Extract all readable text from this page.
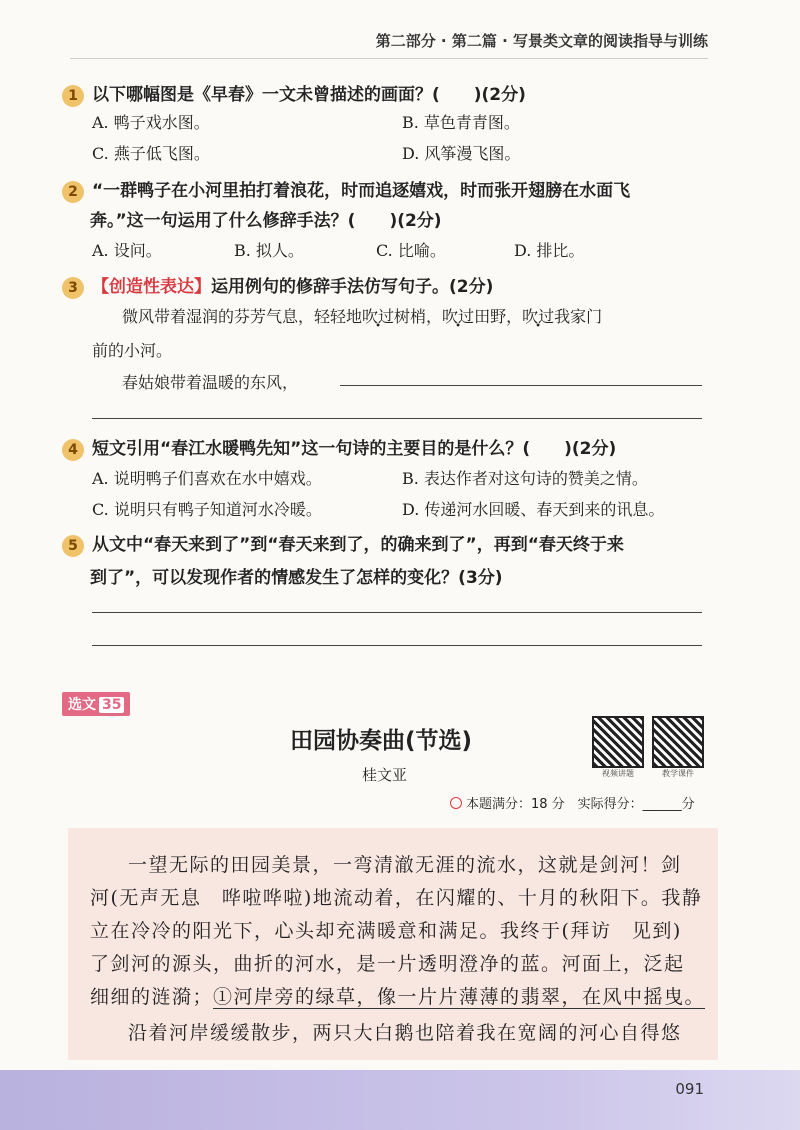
第二部分 · 第二篇 · 写景类文章的阅读指导与训练
1 以下哪幅图是《早春》一文未曾描述的画面？(　　)(2分)
A. 鸭子戏水图。	B. 草色青青图。
C. 燕子低飞图。	D. 风筝漫飞图。
2 “一群鸭子在小河里拍打着浪花，时而追逐嬉戏，时而张开翅膀在水面飞
奔。”这一句运用了什么修辞手法？(　　)(2分)
A. 设问。	B. 拟人。	C. 比喻。	D. 排比。
3 【创造性表达】运用例句的修辞手法仿写句子。(2分)
微风带着湿润的芬芳气息，轻轻地吹过树梢，吹过田野，吹过我家门
前的小河。
春姑娘带着温暖的东风，
4 短文引用“春江水暖鸭先知”这一句诗的主要目的是什么？(　　)(2分)
A. 说明鸭子们喜欢在水中嬉戏。	B. 表达作者对这句诗的赞美之情。
C. 说明只有鸭子知道河水冷暖。	D. 传递河水回暖、春天到来的讯息。
5 从文中“春天来到了”到“春天来到了，的确来到了”，再到“春天终于来
到了”，可以发现作者的情感发生了怎样的变化？(3分)
选文 35
田园协奏曲(节选)
桂文亚	视频讲题	教学课件
本题满分：18 分　实际得分：______分
一望无际的田园美景，一弯清澈无涯的流水，这就是剑河！剑
河(无声无息　哗啦哗啦)地流动着，在闪耀的、十月的秋阳下。我静
立在冷冷的阳光下，心头却充满暖意和满足。我终于(拜访　见到)
了剑河的源头，曲折的河水，是一片透明澄净的蓝。河面上，泛起
细细的涟漪；①河岸旁的绿草，像一片片薄薄的翡翠，在风中摇曳。
沿着河岸缓缓散步，两只大白鹅也陪着我在宽阔的河心自得悠
091
